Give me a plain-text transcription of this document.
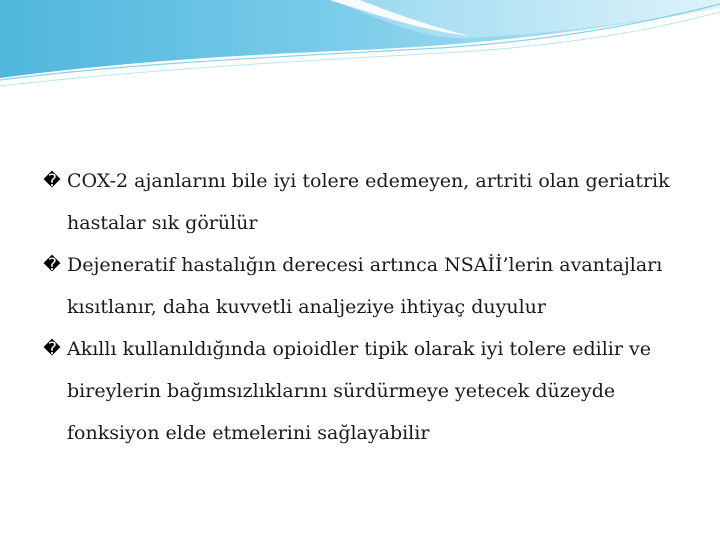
� COX-2 ajanlarını bile iyi tolere edemeyen, artriti olan geriatrik hastalar sık görülür
� Dejeneratif hastalığın derecesi artınca NSAİİ’lerin avantajları kısıtlanır, daha kuvvetli analjeziye ihtiyaç duyulur
� Akıllı kullanıldığında opioidler tipik olarak iyi tolere edilir ve bireylerin bağımsızlıklarını sürdürmeye yetecek düzeyde fonksiyon elde etmelerini sağlayabilir
